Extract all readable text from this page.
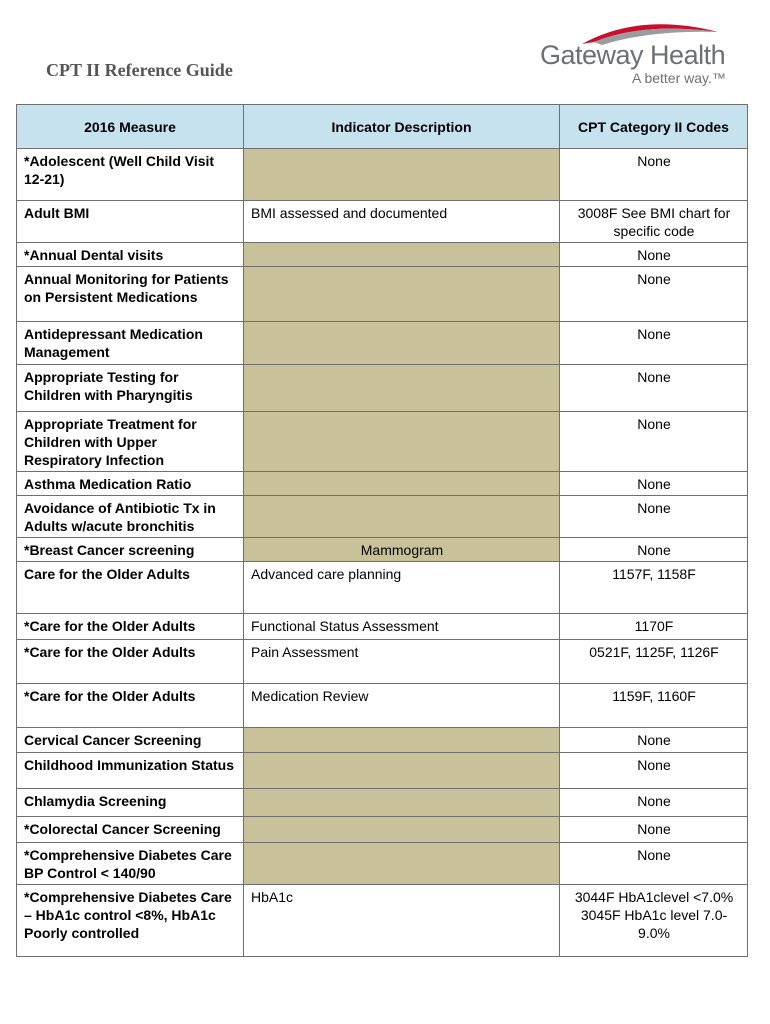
CPT II Reference Guide	Gateway Health
A better way.™
2016 Measure	Indicator Description	CPT Category II Codes
*Adolescent (Well Child Visit 12-21)		None
Adult BMI	BMI assessed and documented	3008F See BMI chart for specific code
*Annual Dental visits		None
Annual Monitoring for Patients on Persistent Medications		None
Antidepressant Medication Management		None
Appropriate Testing for Children with Pharyngitis		None
Appropriate Treatment for Children with Upper Respiratory Infection		None
Asthma Medication Ratio		None
Avoidance of Antibiotic Tx in Adults w/acute bronchitis		None
*Breast Cancer screening	Mammogram	None
Care for the Older Adults	Advanced care planning	1157F, 1158F
*Care for the Older Adults	Functional Status Assessment	1170F
*Care for the Older Adults	Pain Assessment	0521F, 1125F, 1126F
*Care for the Older Adults	Medication Review	1159F, 1160F
Cervical Cancer Screening		None
Childhood Immunization Status		None
Chlamydia Screening		None
*Colorectal Cancer Screening		None
*Comprehensive Diabetes Care BP Control < 140/90		None
*Comprehensive Diabetes Care – HbA1c control <8%, HbA1c Poorly controlled	HbA1c	3044F HbA1clevel <7.0% 3045F HbA1c level 7.0-9.0%
